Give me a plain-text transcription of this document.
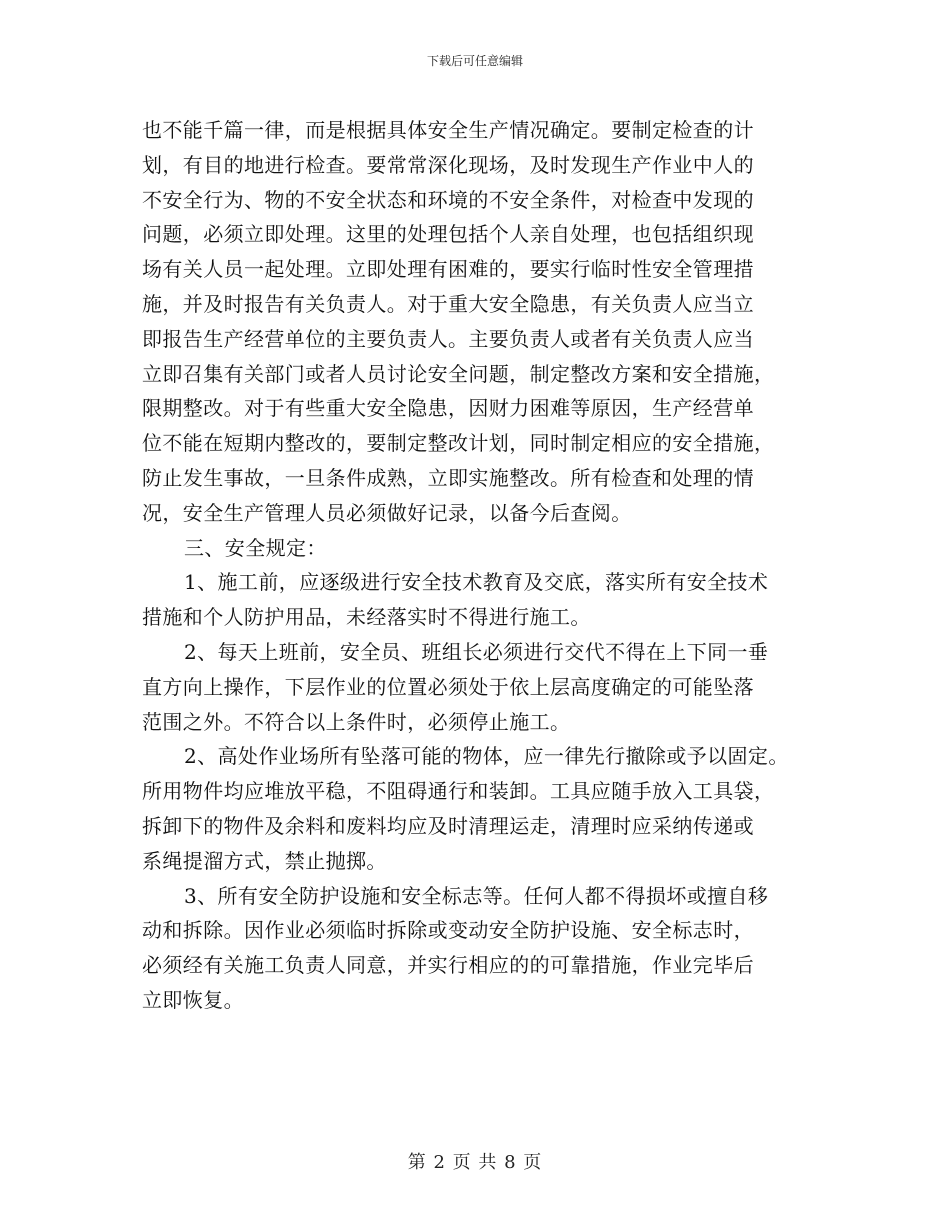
下载后可任意编辑
也不能千篇一律，而是根据具体安全生产情况确定。要制定检查的计
划，有目的地进行检查。要常常深化现场，及时发现生产作业中人的
不安全行为、物的不安全状态和环境的不安全条件，对检查中发现的
问题，必须立即处理。这里的处理包括个人亲自处理，也包括组织现
场有关人员一起处理。立即处理有困难的，要实行临时性安全管理措
施，并及时报告有关负责人。对于重大安全隐患，有关负责人应当立
即报告生产经营单位的主要负责人。主要负责人或者有关负责人应当
立即召集有关部门或者人员讨论安全问题，制定整改方案和安全措施，
限期整改。对于有些重大安全隐患，因财力困难等原因，生产经营单
位不能在短期内整改的，要制定整改计划，同时制定相应的安全措施，
防止发生事故，一旦条件成熟，立即实施整改。所有检查和处理的情
况，安全生产管理人员必须做好记录，以备今后查阅。
三、安全规定：
1、施工前，应逐级进行安全技术教育及交底，落实所有安全技术
措施和个人防护用品，未经落实时不得进行施工。
2、每天上班前，安全员、班组长必须进行交代不得在上下同一垂
直方向上操作，下层作业的位置必须处于依上层高度确定的可能坠落
范围之外。不符合以上条件时，必须停止施工。
2、高处作业场所有坠落可能的物体，应一律先行撤除或予以固定。
所用物件均应堆放平稳，不阻碍通行和装卸。工具应随手放入工具袋，
拆卸下的物件及余料和废料均应及时清理运走，清理时应采纳传递或
系绳提溜方式，禁止抛掷。
3、所有安全防护设施和安全标志等。任何人都不得损坏或擅自移
动和拆除。因作业必须临时拆除或变动安全防护设施、安全标志时，
必须经有关施工负责人同意，并实行相应的的可靠措施，作业完毕后
立即恢复。
第 2 页 共 8 页
